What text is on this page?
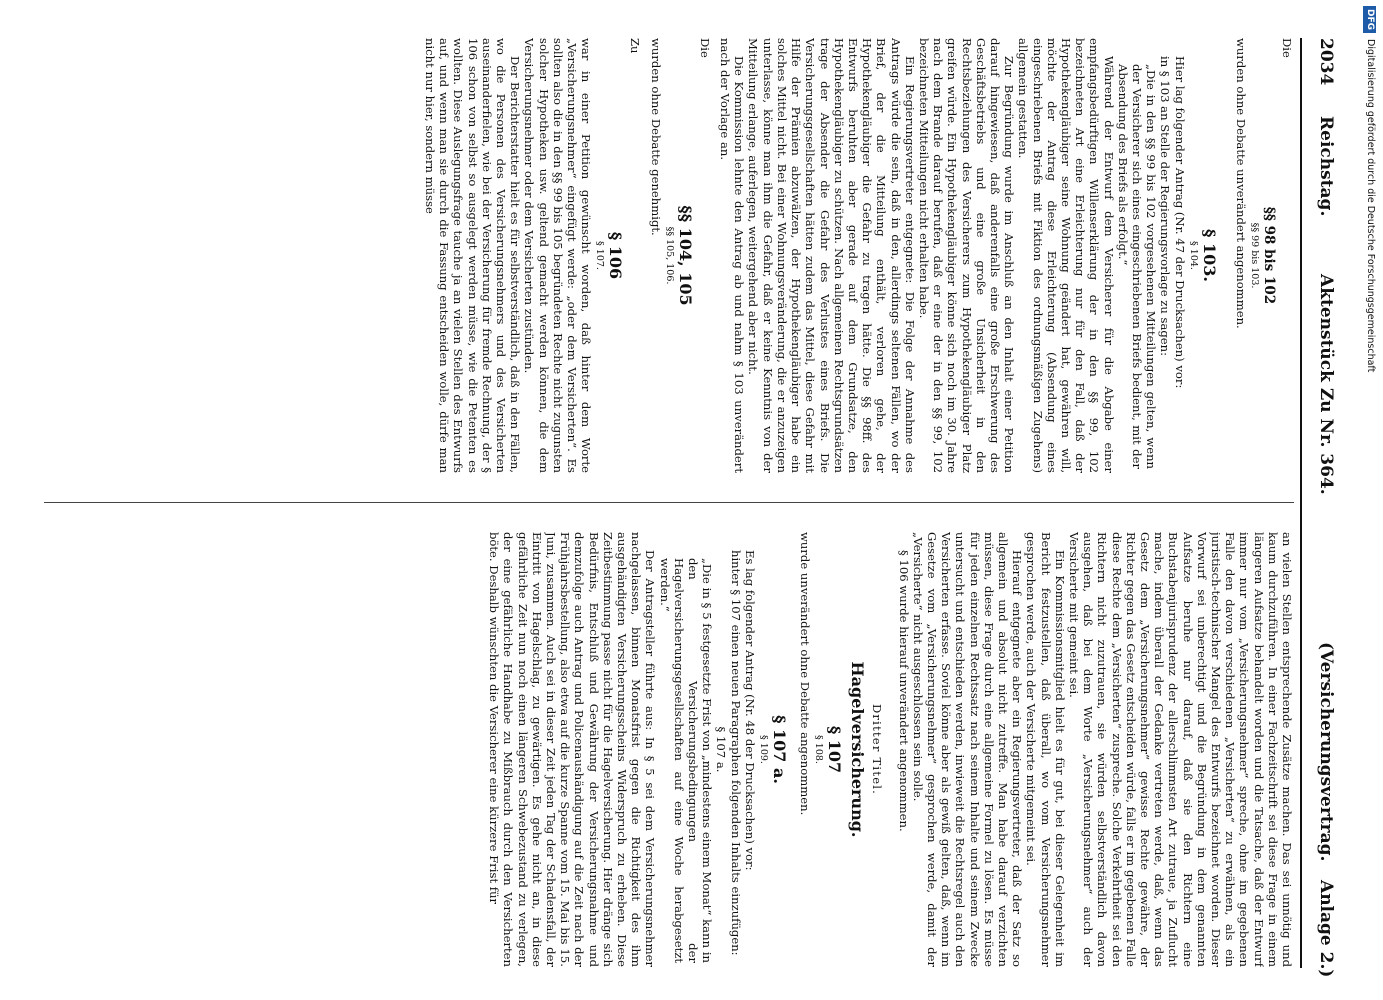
2034
Reichstag.
Aktenstück Zu Nr. 364.
(Versicherungsvertrag.
Anlage 2.)

Die

§§ 98 bis 102

§§ 99 bis 103.

wurden ohne Debatte unverändert angenommen.

§ 103.

§ 104.

Hier lag folgender Antrag (Nr. 47 der Drucksachen) vor:

in § 103 an Stelle der Regierungsvorlage zu sagen:

„Die in den §§ 99 bis 102 vorgesehenen Mitteilungen gelten, wenn der Versicherer sich eines eingeschriebenen Briefs bedient, mit der Absendung des Briefs als erfolgt.“

Während der Entwurf dem Versicherer für die Abgabe einer empfangsbedürftigen Willenserklärung der in den §§ 99, 102 bezeichneten Art eine Erleichterung nur für den Fall, daß der Hypothekengläubiger seine Wohnung geändert hat, gewähren will, möchte der Antrag diese Erleichterung (Absendung eines eingeschriebenen Briefs mit Fiktion des ordnungsmäßigen Zugehens) allgemein gestatten.

Zur Begründung wurde im Anschluß an den Inhalt einer Petition darauf hingewiesen, daß anderenfalls eine große Erschwerung des Geschäftsbetriebs und eine große Unsicherheit in den Rechtsbeziehungen des Versicherers zum Hypothekengläubiger Platz greifen würde. Ein Hypothekengläubiger könne sich noch im 30. Jahre nach dem Brande darauf berufen, daß er eine der in den §§ 99, 102 bezeichneten Mitteilungen nicht erhalten habe.

Ein Regierungsvertreter entgegnete: Die Folge der Annahme des Antrags würde die sein, daß in den, allerdings seltenen Fällen, wo der Brief, der die Mitteilung enthält, verloren gehe, der Hypothekengläubiger die Gefahr zu tragen hätte. Die §§ 98ff. des Entwurfs beruhten aber gerade auf dem Grundsatze, den Hypothekengläubiger zu schützen. Nach allgemeinen Rechtsgrundsätzen trage der Absender die Gefahr des Verlustes eines Briefs. Die Versicherungsgesellschaften hätten zudem das Mittel, diese Gefahr mit Hilfe der Prämien abzuwälzen, der Hypothekengläubiger habe ein solches Mittel nicht. Bei einer Wohnungsveränderung, die er anzuzeigen unterlasse, könne man ihm die Gefahr, daß er keine Kenntnis von der Mitteilung erlange, auferlegen, weitergehend aber nicht.

Die Kommission lehnte den Antrag ab und nahm § 103 unverändert nach der Vorlage an.

Die

§§ 104, 105

§§ 105, 106.

wurden ohne Debatte genehmigt.

Zu

§ 106

§ 107.

war in einer Petition gewünscht worden, daß hinter dem Worte „Versicherungsnehmer“ eingefügt werde: „oder dem Versicherten“. Es sollten also die in den §§ 99 bis 105 begründeten Rechte nicht zugunsten solcher Hypotheken usw. geltend gemacht werden können, die dem Versicherungsnehmer oder dem Versicherten zustünden.

Der Berichterstatter hielt es für selbstverständlich, daß in den Fällen, wo die Personen des Versicherungsnehmers und des Versicherten auseinanderfielen, wie bei der Versicherung für fremde Rechnung, der § 106 schon von selbst so ausgelegt werden müsse, wie die Petenten es wollten. Diese Auslegungsfrage tauche ja an vielen Stellen des Entwurfs auf, und wenn man sie durch die Fassung entscheiden wolle, dürfe man nicht nur hier, sondern müsse

an vielen Stellen entsprechende Zusätze machen. Das sei unnötig und kaum durchzuführen. In einer Fachzeitschrift sei diese Frage in einem längeren Aufsatze behandelt worden und die Tatsache, daß der Entwurf immer nur vom „Versicherungsnehmer“ spreche, ohne im gegebenen Falle den davon verschiedenen „Versicherten“ zu erwähnen, als ein juristisch-technischer Mangel des Entwurfs bezeichnet worden. Dieser Vorwurf sei unberechtigt und die Begründung in dem genannten Aufsatze beruhe nur darauf, daß sie den Richtern eine Buchstabenjurisprudenz der allerschlimmsten Art zutraue, ja Zuflucht mache, indem überall der Gedanke vertreten werde, daß, wenn das Gesetz dem „Versicherungsnehmer“ gewisse Rechte gewähre, der Richter gegen das Gesetz entscheiden würde, falls er im gegebenen Falle diese Rechte dem „Versicherten“ zuspreche. Solche Verkehrtheit sei den Richtern nicht zuzutrauen, sie würden selbstverständlich davon ausgehen, daß bei dem Worte „Versicherungsnehmer“ auch der Versicherte mit gemeint sei.

Ein Kommissionsmitglied hielt es für gut, bei dieser Gelegenheit im Bericht festzustellen, daß überall, wo vom Versicherungsnehmer gesprochen werde, auch der Versicherte mitgemeint sei.

Hierauf entgegnete aber ein Regierungsvertreter, daß der Satz so allgemein und absolut nicht zutreffe. Man habe darauf verzichten müssen, diese Frage durch eine allgemeine Formel zu lösen. Es müsse für jeden einzelnen Rechtssatz nach seinem Inhalte und seinem Zwecke untersucht und entschieden werden, inwieweit die Rechtsregel auch den Versicherten erfasse. Soviel könne aber als gewiß gelten, daß, wenn im Gesetze vom „Versicherungsnehmer“ gesprochen werde, damit der „Versicherte“ nicht ausgeschlossen sein solle.

§ 106 wurde hierauf unverändert angenommen.

Dritter Titel.

Hagelversicherung.

§ 107

§ 108.

wurde unverändert ohne Debatte angenommen.

§ 107 a.

§ 109.

Es lag folgender Antrag (Nr. 48 der Drucksachen) vor:

hinter § 107 einen neuen Paragraphen folgenden Inhalts einzufügen:

§ 107 a.

„Die in § 5 festgesetzte Frist von „mindestens einem Monat“ kann in den Versicherungsbedingungen der Hagelversicherungsgesellschaften auf eine Woche herabgesetzt werden.“

Der Antragsteller führte aus: In § 5 sei dem Versicherungsnehmer nachgelassen, binnen Monatsfrist gegen die Richtigkeit des ihm ausgehändigten Versicherungsscheins Widerspruch zu erheben. Diese Zeitbestimmung passe nicht für die Hagelversicherung. Hier dränge sich Bedürfnis, Entschluß und Gewährung der Versicherungsnahme und demzufolge auch Antrag und Policenaushändigung auf die Zeit nach der Frühjahrsbestellung, also etwa auf die kurze Spanne vom 15. Mai bis 15. Juni, zusammen. Auch sei in dieser Zeit jeden Tag der Schadensfall, der Eintritt von Hagelschlag, zu gewärtigen. Es gehe nicht an, in diese gefährliche Zeit nun noch einen längeren Schwebezustand zu verlegen, der eine gefährliche Handhabe zu Mißbrauch durch den Versicherten böte. Deshalb wünschten die Versicherer eine kürzere Frist für

DFGDigitalisierung gefördert durch die Deutsche Forschungsgemeinschaft
